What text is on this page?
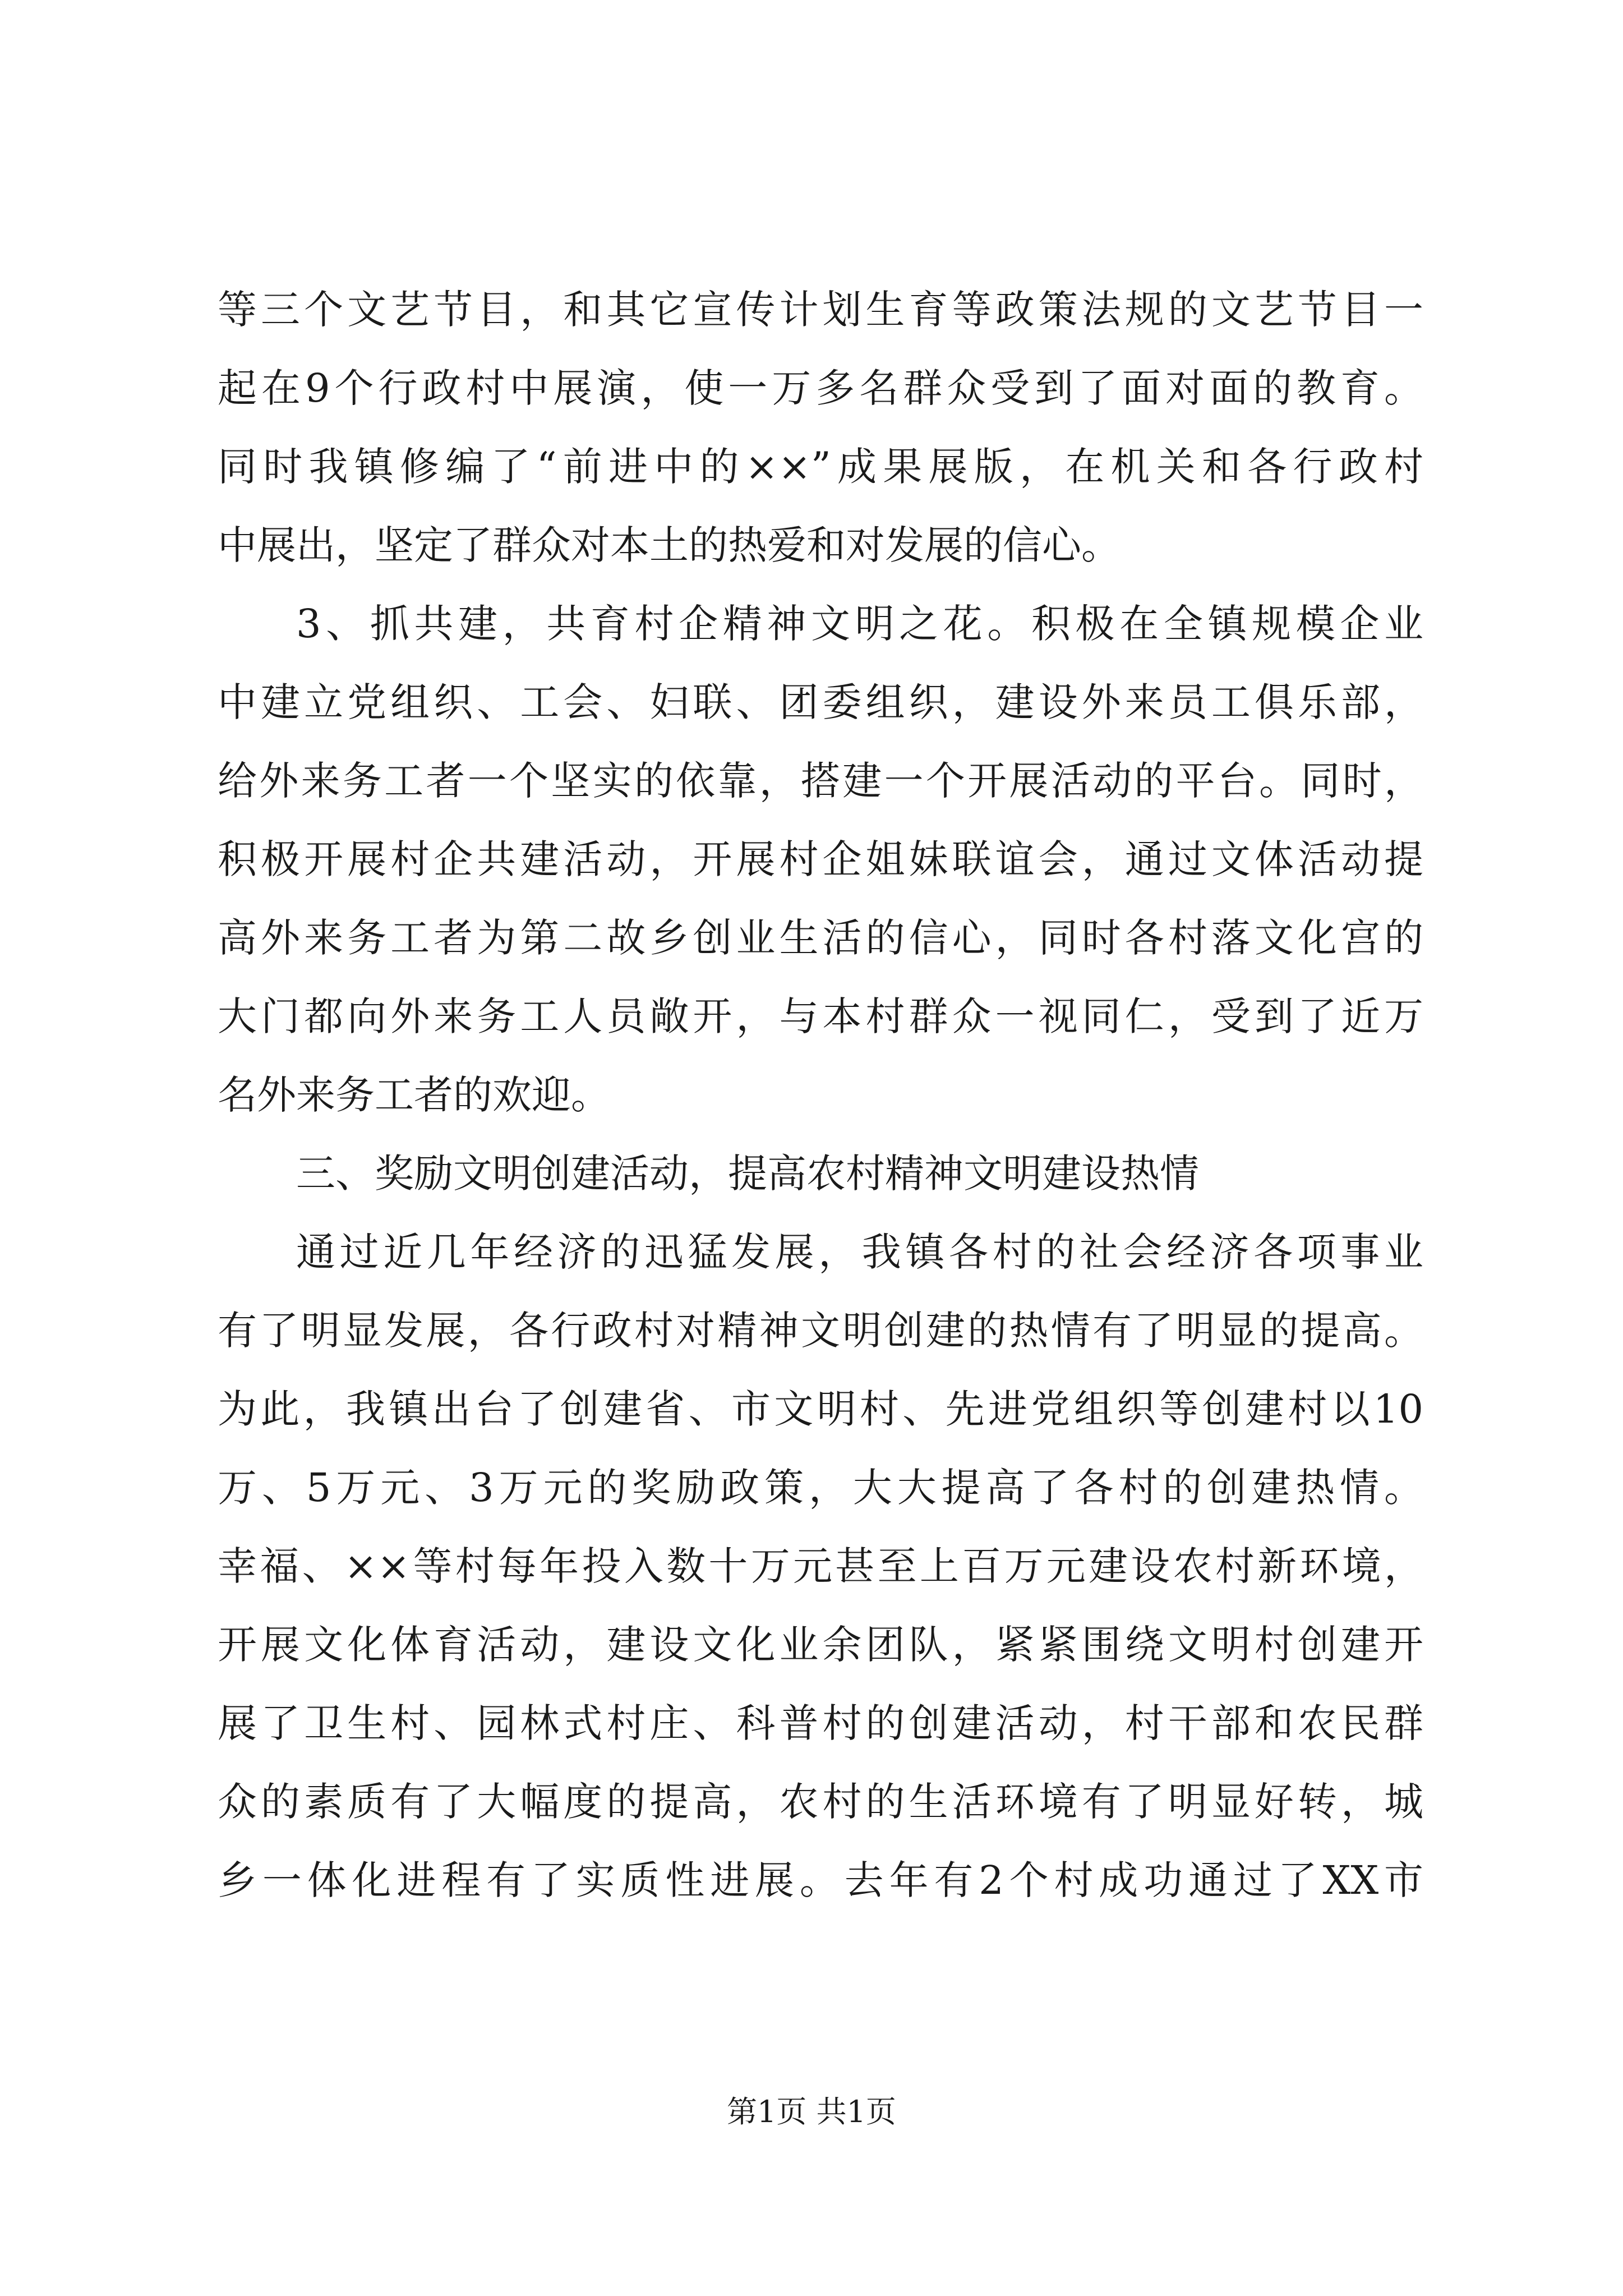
等三个文艺节目，和其它宣传计划生育等政策法规的文艺节目一
起在9个行政村中展演，使一万多名群众受到了面对面的教育。
同时我镇修编了“前进中的××”成果展版，在机关和各行政村
中展出，坚定了群众对本土的热爱和对发展的信心。
3、抓共建，共育村企精神文明之花。积极在全镇规模企业
中建立党组织、工会、妇联、团委组织，建设外来员工俱乐部，
给外来务工者一个坚实的依靠，搭建一个开展活动的平台。同时，
积极开展村企共建活动，开展村企姐妹联谊会，通过文体活动提
高外来务工者为第二故乡创业生活的信心，同时各村落文化宫的
大门都向外来务工人员敞开，与本村群众一视同仁，受到了近万
名外来务工者的欢迎。
三、奖励文明创建活动，提高农村精神文明建设热情
通过近几年经济的迅猛发展，我镇各村的社会经济各项事业
有了明显发展，各行政村对精神文明创建的热情有了明显的提高。
为此，我镇出台了创建省、市文明村、先进党组织等创建村以10
万、5万元、3万元的奖励政策，大大提高了各村的创建热情。
幸福、××等村每年投入数十万元甚至上百万元建设农村新环境，
开展文化体育活动，建设文化业余团队，紧紧围绕文明村创建开
展了卫生村、园林式村庄、科普村的创建活动，村干部和农民群
众的素质有了大幅度的提高，农村的生活环境有了明显好转，城
乡一体化进程有了实质性进展。去年有2个村成功通过了XX市
第1页 共1页
